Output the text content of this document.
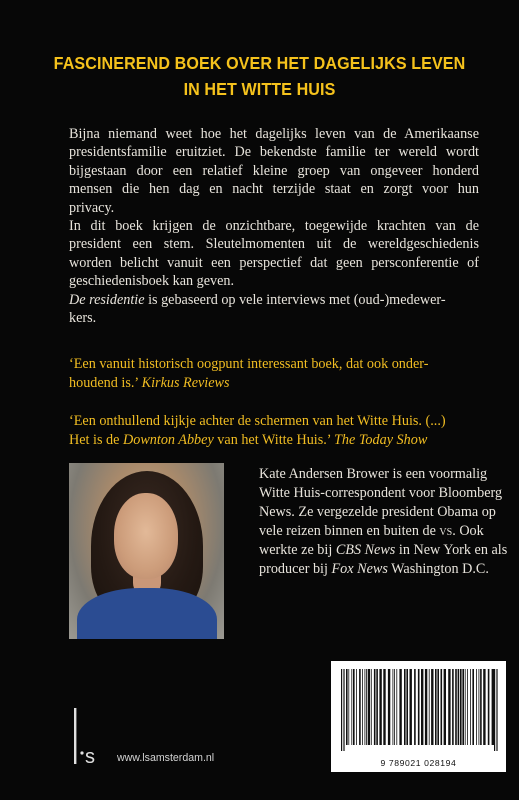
FASCINEREND BOEK OVER HET DAGELIJKS LEVEN
IN HET WITTE HUIS
Bijna niemand weet hoe het dagelijks leven van de Amerikaanse
presidentsfamilie eruitziet. De bekendste familie ter wereld wordt
bijgestaan door een relatief kleine groep van ongeveer honderd
mensen die hen dag en nacht terzijde staat en zorgt voor hun
privacy.
In dit boek krijgen de onzichtbare, toegewijde krachten van de
president een stem. Sleutelmomenten uit de wereldgeschiedenis
worden belicht vanuit een perspectief dat geen persconferentie of
geschiedenisboek kan geven.
De residentie is gebaseerd op vele interviews met (oud-)medewer-
kers.
‘Een vanuit historisch oogpunt interessant boek, dat ook onder-
houdend is.’ Kirkus Reviews
‘Een onthullend kijkje achter de schermen van het Witte Huis. (...)
Het is de Downton Abbey van het Witte Huis.’ The Today Show
Kate Andersen Brower is een voormalig
Witte Huis-correspondent voor Bloomberg
News. Ze vergezelde president Obama op
vele reizen binnen en buiten de vs. Ook
werkte ze bij CBS News in New York en als
producer bij Fox News Washington D.C.
s www.lsamsterdam.nl	9 789021 028194
